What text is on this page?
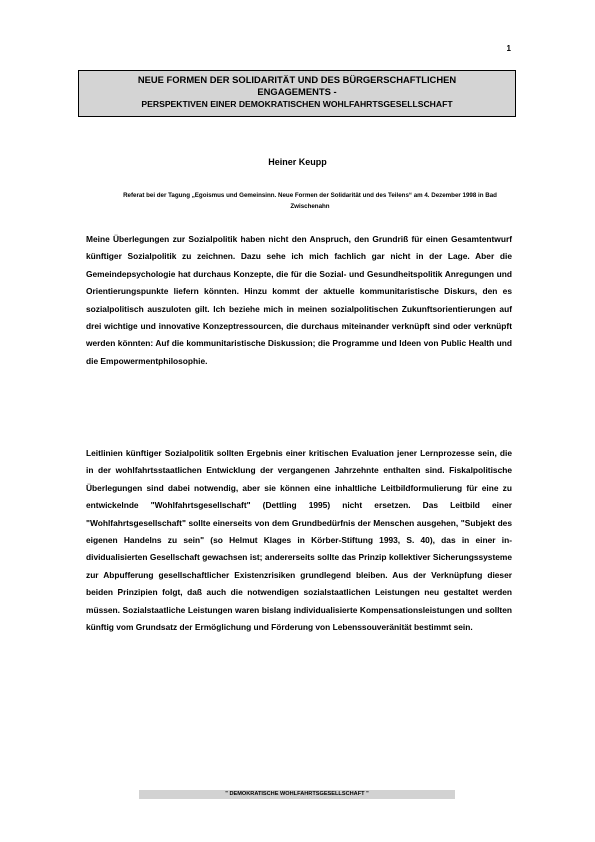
1
NEUE FORMEN DER SOLIDARITÄT UND DES BÜRGERSCHAFTLICHEN
ENGAGEMENTS -
PERSPEKTIVEN EINER DEMOKRATISCHEN WOHLFAHRTSGESELLSCHAFT
Heiner Keupp
Referat bei der Tagung „Egoismus und Gemeinsinn. Neue Formen der Solidarität und des Teilens“ am 4. Dezember 1998 in Bad Zwischenahn

Meine Überlegungen zur Sozialpolitik haben nicht den Anspruch, den Grundriß für einen Gesamtentwurf künftiger Sozialpolitik zu zeichnen. Dazu sehe ich mich fachlich gar nicht in der Lage. Aber die Gemeindepsychologie hat durchaus Konzepte, die für die Sozial- und Gesundheitspolitik Anregungen und Orientierungspunkte liefern könnten. Hinzu kommt der aktuelle kommunitaristische Diskurs, den es sozialpolitisch auszuloten gilt. Ich beziehe mich in meinen sozialpolitischen Zukunftsorientierungen auf drei wichtige und innovative Konzeptressourcen, die durchaus miteinander verknüpft sind oder verknüpft werden könnten: Auf die kommunitaristische Diskussion; die Programme und Ideen von Public Health und die Empowermentphilosophie.

Leitlinien künftiger Sozialpolitik sollten Ergebnis einer kritischen Evaluation jener Lernprozesse sein, die in der wohlfahrtsstaatlichen Entwicklung der vergangenen Jahrzehnte enthalten sind. Fiskalpolitische Überlegungen sind dabei notwendig, aber sie können eine inhaltliche Leitbildformulierung für eine zu entwickelnde "Wohlfahrtsgesellschaft" (Dettling 1995) nicht ersetzen. Das Leitbild einer "Wohlfahrtsgesellschaft" sollte einerseits von dem Grundbedürfnis der Menschen ausgehen, "Subjekt des eigenen Handelns zu sein" (so Helmut Klages in Körber-Stiftung 1993, S. 40), das in einer in-dividualisierten Gesellschaft gewachsen ist; andererseits sollte das Prinzip kollektiver Sicherungssysteme zur Abpufferung gesellschaftlicher Existenzrisiken grundlegend bleiben. Aus der Verknüpfung dieser beiden Prinzipien folgt, daß auch die notwendigen sozialstaatlichen Leistungen neu gestaltet werden müssen. Sozialstaatliche Leistungen waren bislang individualisierte Kompensationsleistungen und sollten künftig vom Grundsatz der Ermöglichung und Förderung von Lebenssouveränität bestimmt sein.

" DEMOKRATISCHE WOHLFAHRTSGESELLSCHAFT "
